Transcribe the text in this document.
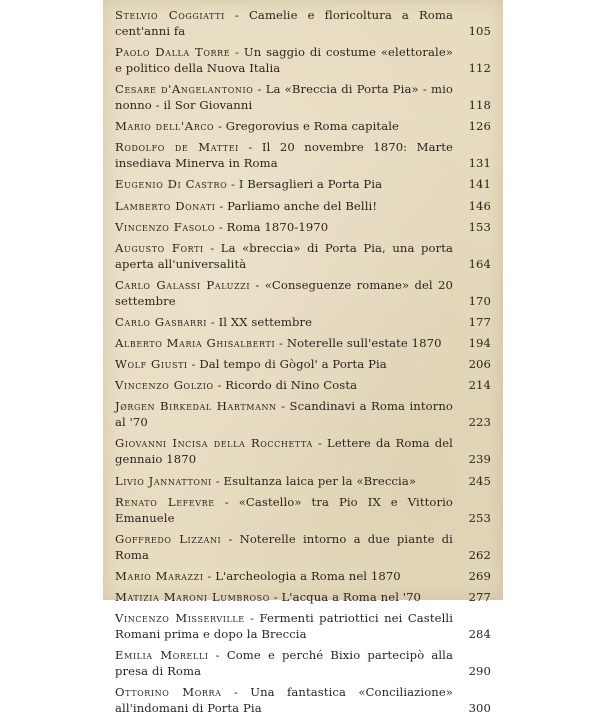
Stelvio Coggiatti - Camelie e floricoltura a Roma cent'anni fa	105
Paolo Dalla Torre - Un saggio di costume «elettorale» e politico della Nuova Italia	112
Cesare d'Angelantonio - La «Breccia di Porta Pia» - mio nonno - il Sor Giovanni	118
Mario dell'Arco - Gregorovius e Roma capitale	126
Rodolfo de Mattei - Il 20 novembre 1870: Marte insediava Minerva in Roma	131
Eugenio Di Castro - I Bersaglieri a Porta Pia	141
Lamberto Donati - Parliamo anche del Belli!	146
Vincenzo Fasolo - Roma 1870-1970	153
Augusto Forti - La «breccia» di Porta Pia, una porta aperta all'universalità	164
Carlo Galassi Paluzzi - «Conseguenze romane» del 20 settembre	170
Carlo Gasbarri - Il XX settembre	177
Alberto Maria Ghisalberti - Noterelle sull'estate 1870	194
Wolf Giusti - Dal tempo di Gògol' a Porta Pia	206
Vincenzo Golzio - Ricordo di Nino Costa	214
Jørgen Birkedal Hartmann - Scandinavi a Roma intorno al '70	223
Giovanni Incisa della Rocchetta - Lettere da Roma del gennaio 1870	239
Livio Jannattoni - Esultanza laica per la «Breccia»	245
Renato Lefevre - «Castello» tra Pio IX e Vittorio Emanuele	253
Goffredo Lizzani - Noterelle intorno a due piante di Roma	262
Mario Marazzi - L'archeologia a Roma nel 1870	269
Matizia Maroni Lumbroso - L'acqua a Roma nel '70	277
Vincenzo Misserville - Fermenti patriottici nei Castelli Romani prima e dopo la Breccia	284
Emilia Morelli - Come e perché Bixio partecipò alla presa di Roma	290
Ottorino Morra - Una fantastica «Conciliazione» all'indomani di Porta Pia	300
